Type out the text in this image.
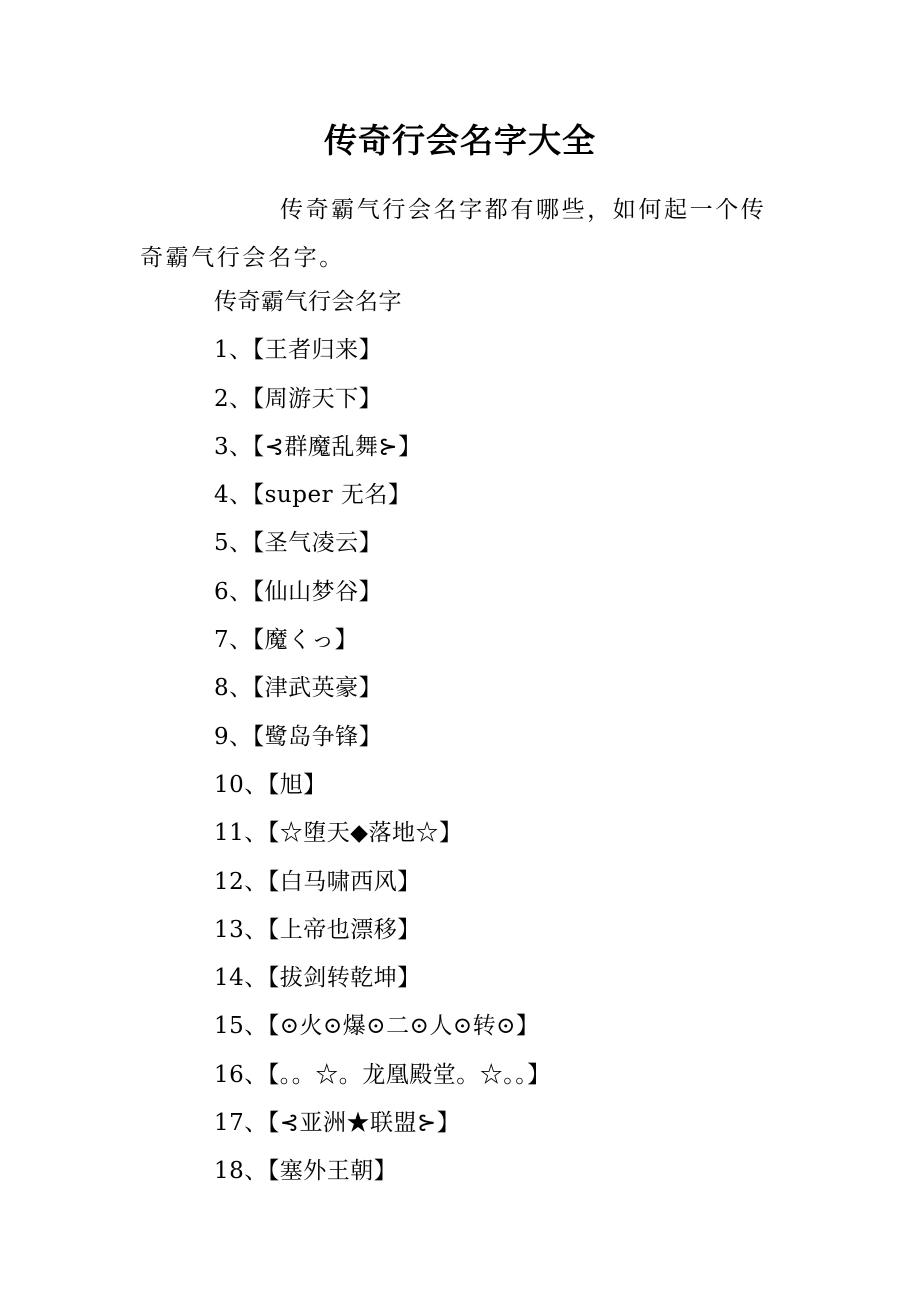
传奇行会名字大全

传奇霸气行会名字都有哪些，如何起一个传奇霸气行会名字。

传奇霸气行会名字
1、【王者归来】
2、【周游天下】
3、【⊰群魔乱舞⊱】
4、【super 无名】
5、【圣气凌云】
6、【仙山梦谷】
7、【魔くっ】
8、【津武英豪】
9、【鹭岛争锋】
10、【旭】
11、【☆堕天◆落地☆】
12、【白马啸西风】
13、【上帝也漂移】
14、【拔剑转乾坤】
15、【⊙火⊙爆⊙二⊙人⊙转⊙】
16、【。。☆。龙凰殿堂。☆。。】
17、【⊰亚洲★联盟⊱】
18、【塞外王朝】
